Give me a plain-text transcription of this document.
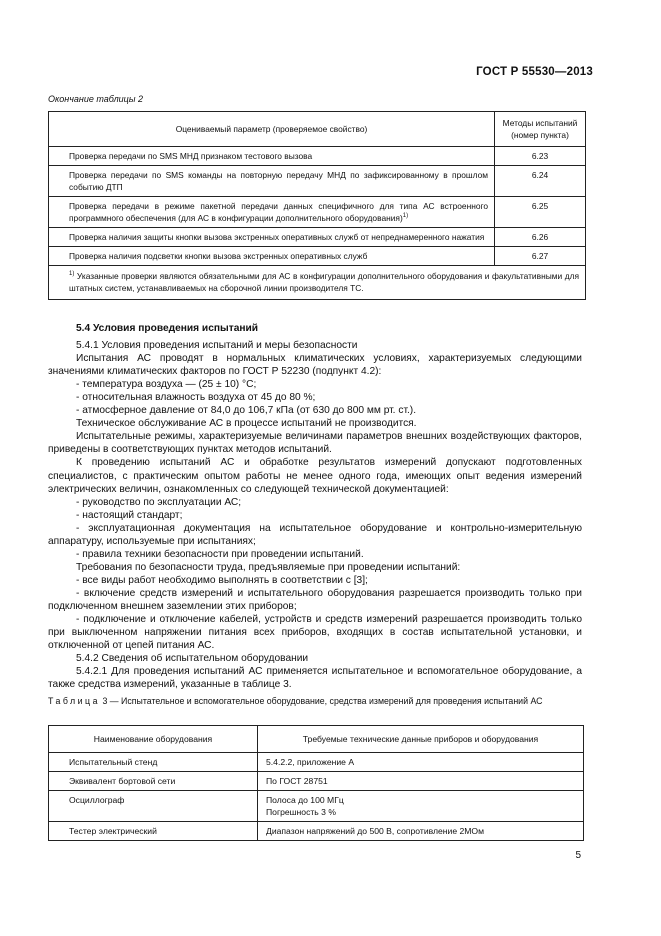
ГОСТ Р 55530—2013
Окончание таблицы 2
Оцениваемый параметр (проверяемое свойство)	Методы испытаний (номер пункта)
Проверка передачи по SMS МНД признаком тестового вызова	6.23
Проверка передачи по SMS команды на повторную передачу МНД по зафиксированному в прошлом событию ДТП	6.24
Проверка передачи в режиме пакетной передачи данных специфичного для типа АС встроенного программного обеспечения (для АС в конфигурации дополнительного оборудования)$^{1)}$	6.25
Проверка наличия защиты кнопки вызова экстренных оперативных служб от непреднамеренного нажатия	6.26
Проверка наличия подсветки кнопки вызова экстренных оперативных служб	6.27
$^{1)}$ Указанные проверки являются обязательными для АС в конфигурации дополнительного оборудования и факультативными для штатных систем, устанавливаемых на сборочной линии производителя ТС.	

5.4 Условия проведения испытаний

5.4.1 Условия проведения испытаний и меры безопасности

Испытания АС проводят в нормальных климатических условиях, характеризуемых следующими значениями климатических факторов по ГОСТ Р 52230 (подпункт 4.2):

- температура воздуха — (25 ± 10) °С;

- относительная влажность воздуха от 45 до 80 %;

- атмосферное давление от 84,0 до 106,7 кПа (от 630 до 800 мм рт. ст.).

Техническое обслуживание АС в процессе испытаний не производится.

Испытательные режимы, характеризуемые величинами параметров внешних воздействующих факторов, приведены в соответствующих пунктах методов испытаний.

К проведению испытаний АС и обработке результатов измерений допускают подготовленных специалистов, с практическим опытом работы не менее одного года, имеющих опыт ведения измерений электрических величин, ознакомленных со следующей технической документацией:

- руководство по эксплуатации АС;

- настоящий стандарт;

- эксплуатационная документация на испытательное оборудование и контрольно-измерительную аппаратуру, используемые при испытаниях;

- правила техники безопасности при проведении испытаний.

Требования по безопасности труда, предъявляемые при проведении испытаний:

- все виды работ необходимо выполнять в соответствии с [3];

- включение средств измерений и испытательного оборудования разрешается производить только при подключенном внешнем заземлении этих приборов;

- подключение и отключение кабелей, устройств и средств измерений разрешается производить только при выключенном напряжении питания всех приборов, входящих в состав испытательной установки, и отключенной от цепей питания АС.

5.4.2 Сведения об испытательном оборудовании

5.4.2.1 Для проведения испытаний АС применяется испытательное и вспомогательное оборудование, а также средства измерений, указанные в таблице 3.

Таблица 3 — Испытательное и вспомогательное оборудование, средства измерений для проведения испытаний АС
Наименование оборудования	Требуемые технические данные приборов и оборудования
Испытательный стенд	5.4.2.2, приложение А
Эквивалент бортовой сети	По ГОСТ 28751
Осциллограф	Полоса до 100 МГц
Погрешность 3 %

Тестер электрический	Диапазон напряжений до 500 В, сопротивление 2МОм
5
